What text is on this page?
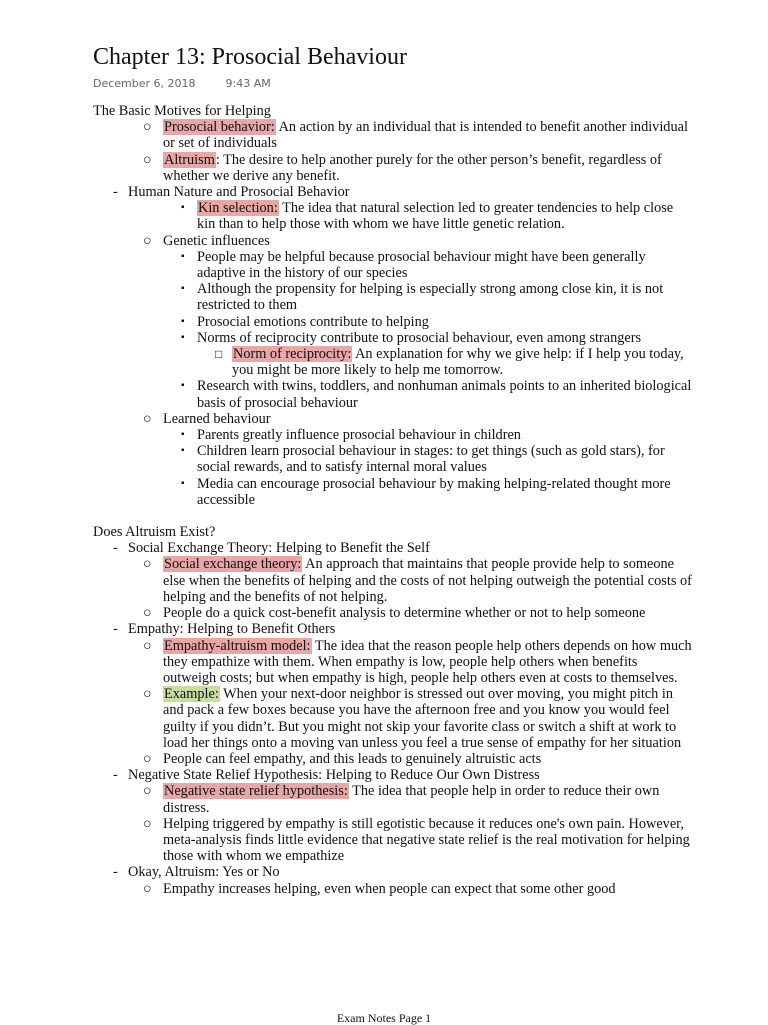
Chapter 13: Prosocial Behaviour
December 6, 2018	9:43 AM
The Basic Motives for Helping
○ Prosocial behavior: An action by an individual that is intended to benefit another individual or set of individuals
○ Altruism: The desire to help another purely for the other person’s benefit, regardless of whether we derive any benefit.
- Human Nature and Prosocial Behavior
▪ Kin selection: The idea that natural selection led to greater tendencies to help close kin than to help those with whom we have little genetic relation.
○ Genetic influences
▪ People may be helpful because prosocial behaviour might have been generally adaptive in the history of our species
▪ Although the propensity for helping is especially strong among close kin, it is not restricted to them
▪ Prosocial emotions contribute to helping
▪ Norms of reciprocity contribute to prosocial behaviour, even among strangers
□ Norm of reciprocity: An explanation for why we give help: if I help you today, you might be more likely to help me tomorrow.
▪ Research with twins, toddlers, and nonhuman animals points to an inherited biological basis of prosocial behaviour
○ Learned behaviour
▪ Parents greatly influence prosocial behaviour in children
▪ Children learn prosocial behaviour in stages: to get things (such as gold stars), for social rewards, and to satisfy internal moral values
▪ Media can encourage prosocial behaviour by making helping-related thought more accessible
Does Altruism Exist?
- Social Exchange Theory: Helping to Benefit the Self
○ Social exchange theory: An approach that maintains that people provide help to someone else when the benefits of helping and the costs of not helping outweigh the potential costs of helping and the benefits of not helping.
○ People do a quick cost-benefit analysis to determine whether or not to help someone
- Empathy: Helping to Benefit Others
○ Empathy-altruism model: The idea that the reason people help others depends on how much they empathize with them. When empathy is low, people help others when benefits outweigh costs; but when empathy is high, people help others even at costs to themselves.
○ Example: When your next-door neighbor is stressed out over moving, you might pitch in and pack a few boxes because you have the afternoon free and you know you would feel guilty if you didn’t. But you might not skip your favorite class or switch a shift at work to load her things onto a moving van unless you feel a true sense of empathy for her situation
○ People can feel empathy, and this leads to genuinely altruistic acts
- Negative State Relief Hypothesis: Helping to Reduce Our Own Distress
○ Negative state relief hypothesis: The idea that people help in order to reduce their own distress.
○ Helping triggered by empathy is still egotistic because it reduces one's own pain. However, meta-analysis finds little evidence that negative state relief is the real motivation for helping those with whom we empathize
- Okay, Altruism: Yes or No
○ Empathy increases helping, even when people can expect that some other good
Exam Notes Page 1
